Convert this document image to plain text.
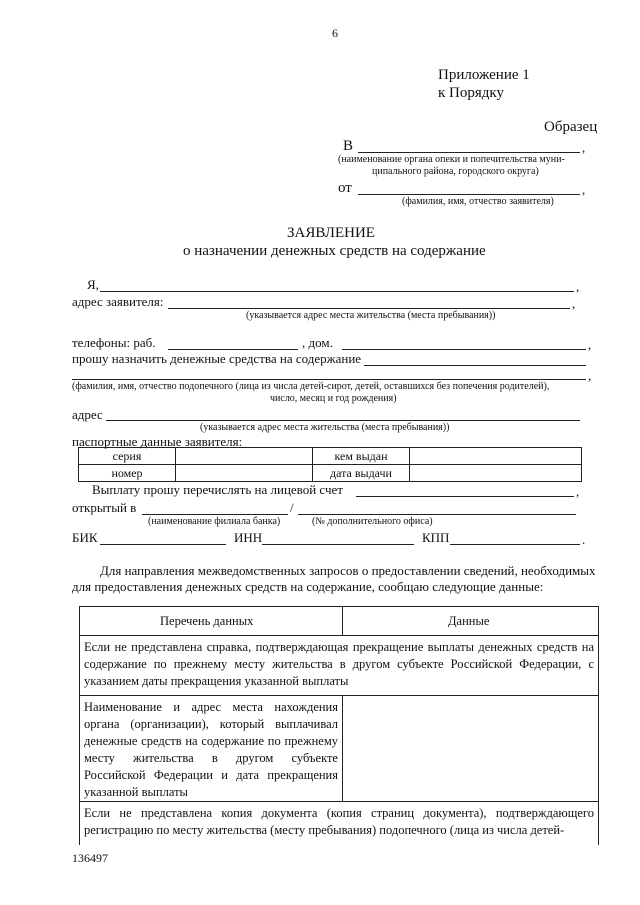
6
Приложение 1
к Порядку
Образец
В	,
(наименование органа опеки и попечительства муни-
ципального района, городского округа)
от	,
(фамилия, имя, отчество заявителя)
ЗАЯВЛЕНИЕ
о назначении денежных средств на содержание
Я,	,
адрес заявителя:	,
(указывается адрес места жительства (места пребывания))
телефоны: раб.	, дом.	,
прошу назначить денежные средства на содержание
,
(фамилия, имя, отчество подопечного (лица из числа детей-сирот, детей, оставшихся без попечения родителей),
число, месяц и год рождения)
адрес
(указывается адрес места жительства (места пребывания))
паспортные данные заявителя:
серия		кем выдан	
номер		дата выдачи	
Выплату прошу перечислять на лицевой счет	,
открытый в	/
(наименование филиала банка)	(№ дополнительного офиса)
БИК	ИНН	КПП	.
Для направления межведомственных запросов о предоставлении сведений, необходимых
для предоставления денежных средств на содержание, сообщаю следующие данные:
Перечень данных	Данные
Если не представлена справка, подтверждающая прекращение выплаты денежных средств на содержание по прежнему месту жительства в другом субъекте Российской Федерации, с указанием даты прекращения указанной выплаты
Наименование и адрес места нахождения органа (организации), который выплачивал денежные средств на содержание по прежнему месту жительства в другом субъекте Российской Федерации и дата прекращения указанной выплаты
Если не представлена копия документа (копия страниц документа), подтверждающего регистрацию по месту жительства (месту пребывания) подопечного (лица из числа детей-
136497
